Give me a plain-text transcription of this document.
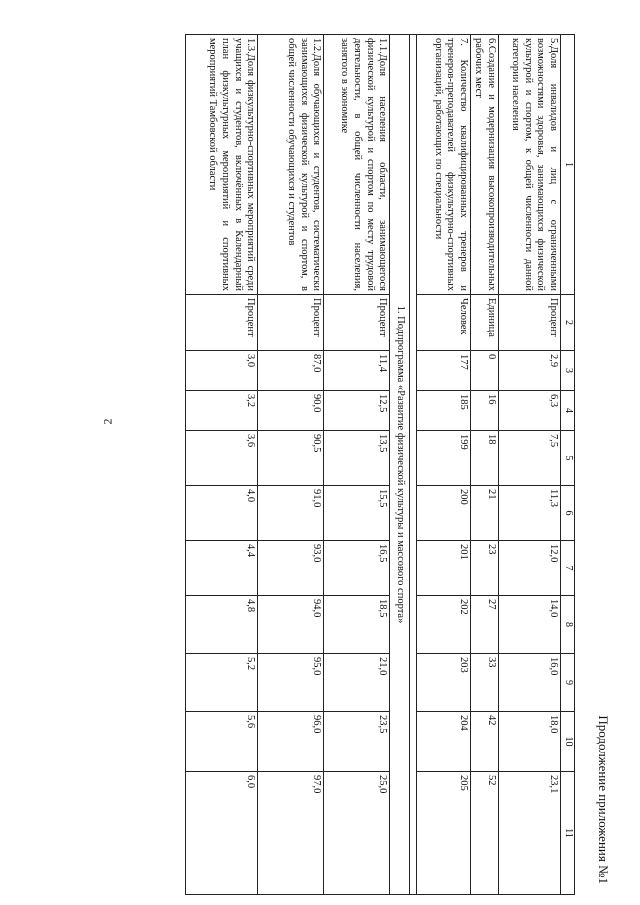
2
Продолжение приложения №1
1	2	3	4	5	6	7	8	9	10	11
5.Доля инвалидов и лиц с ограниченными возможностями здоровья, занимающихся физической культурой и спортом, к общей численности данной категории населения	Процент	2,9	6,3	7,5	11,3	12,0	14,0	16,0	18,0	23,1
6.Создание и модернизация высокопроизводительных рабочих мест	Единица	0	16	18	21	23	27	33	42	52
7. Количество квалифицированных тренеров и тренеров-преподавателей физкультурно-спортивных организаций, работающих по специальности	Человек	177	185	199	200	201	202	203	204	205

1. Подпрограмма «Развитие физической культуры и массового спорта»										
1.1.Доля населения области, занимающегося физической культурой и спортом по месту трудовой деятельности, в общей численности населения, занятого в экономике	Процент	11,4	12,5	13,5	15,5	16,5	18,5	21,0	23,5	25,0
1.2.Доля обучающихся и студентов, систематически занимающихся физической культурой и спортом, в общей численности обучающихся и студентов	Процент	87,0	90,0	90,5	91,0	93,0	94,0	95,0	96,0	97,0
1.3.Доля физкультурно-спортивных мероприятий среди учащихся и студентов, включённых в Календарный план физкультурных мероприятий и спортивных мероприятий Тамбовской области	Процент	3,0	3,2	3,6	4,0	4,4	4,8	5,2	5,6	6,0
